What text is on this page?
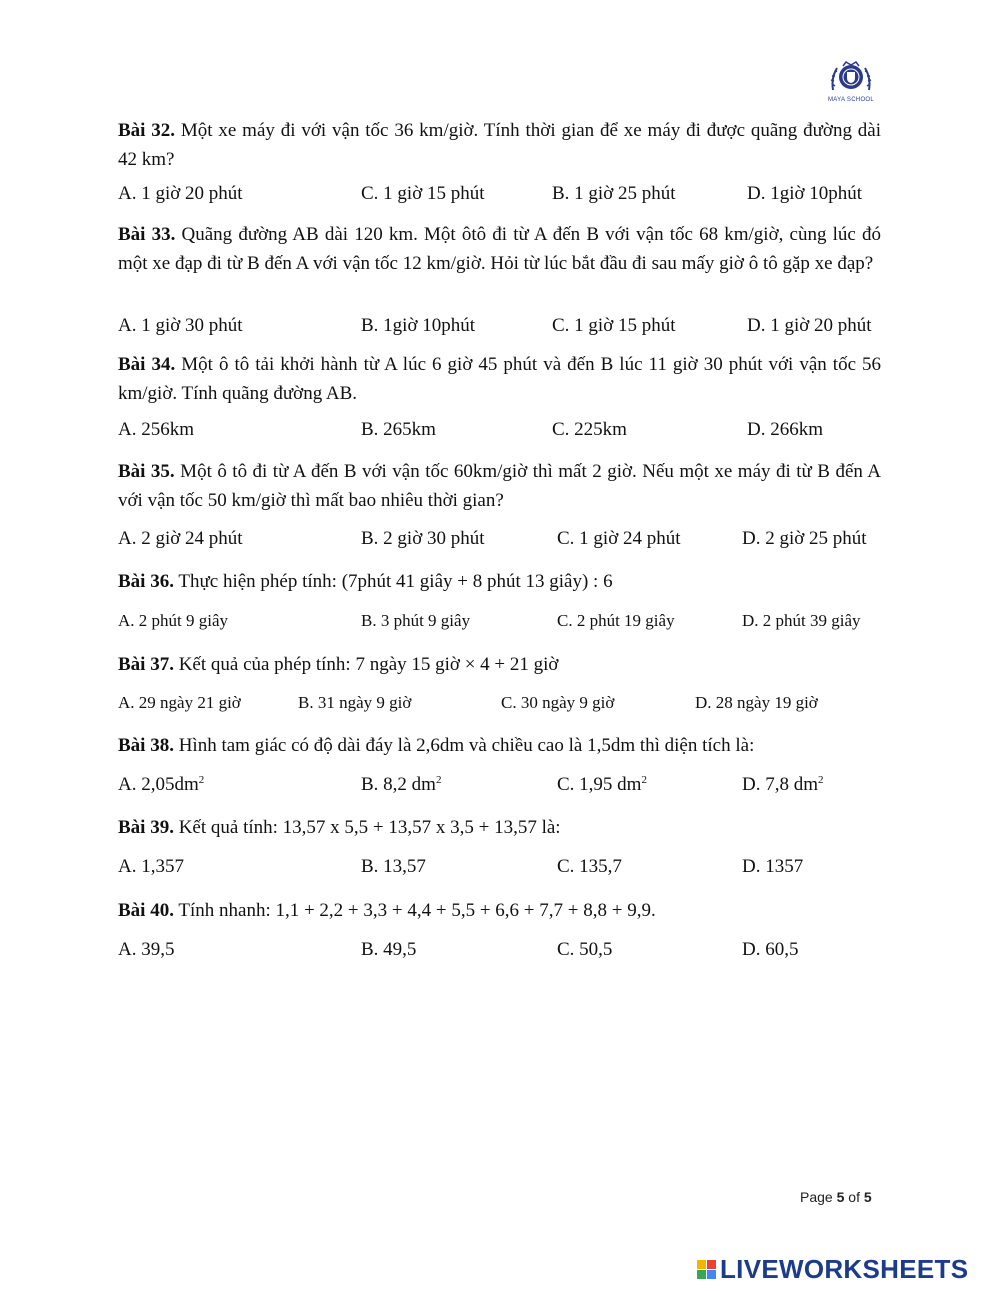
MAYA SCHOOL
Bài 32. Một xe máy đi với vận tốc 36 km/giờ. Tính thời gian để xe máy đi được quãng đường dài 42 km?
A. 1 giờ 20 phút	C. 1 giờ 15 phút	B. 1 giờ 25 phút	D. 1giờ 10phút
Bài 33. Quãng đường AB dài 120 km. Một ôtô đi từ A đến B với vận tốc 68 km/giờ, cùng lúc đó một xe đạp đi từ B đến A với vận tốc 12 km/giờ. Hỏi từ lúc bắt đầu đi sau mấy giờ ô tô gặp xe đạp?
A. 1 giờ 30 phút	B. 1giờ 10phút	C. 1 giờ 15 phút	D. 1 giờ 20 phút
Bài 34. Một ô tô tải khởi hành từ A lúc 6 giờ 45 phút và đến B lúc 11 giờ 30 phút với vận tốc 56 km/giờ. Tính quãng đường AB.
A. 256km	B. 265km	C. 225km	D. 266km
Bài 35. Một ô tô đi từ A đến B với vận tốc 60km/giờ thì mất 2 giờ. Nếu một xe máy đi từ B đến A với vận tốc 50 km/giờ thì mất bao nhiêu thời gian?
A. 2 giờ 24 phút	B. 2 giờ 30 phút	C. 1 giờ 24 phút	D. 2 giờ 25 phút
Bài 36. Thực hiện phép tính: (7phút 41 giây + 8 phút 13 giây) : 6
A. 2 phút 9 giây	B. 3 phút 9 giây	C. 2 phút 19 giây	D. 2 phút 39 giây
Bài 37. Kết quả của phép tính: 7 ngày 15 giờ × 4 + 21 giờ
A. 29 ngày 21 giờ	B. 31 ngày 9 giờ	C. 30 ngày 9 giờ	D. 28 ngày 19 giờ
Bài 38. Hình tam giác có độ dài đáy là 2,6dm và chiều cao là 1,5dm thì diện tích là:
A. $2,05dm^2$	B. 8,2 $dm^2$	C. 1,95 $dm^2$	D. 7,8 $dm^2$
Bài 39. Kết quả tính: 13,57 x 5,5 + 13,57 x 3,5 + 13,57 là:
A. 1,357	B. 13,57	C. 135,7	D. 1357
Bài 40. Tính nhanh: 1,1 + 2,2 + 3,3 + 4,4 + 5,5 + 6,6 + 7,7 + 8,8 + 9,9.
A. 39,5	B. 49,5	C. 50,5	D. 60,5
Page 5 of 5
LIVEWORKSHEETS
